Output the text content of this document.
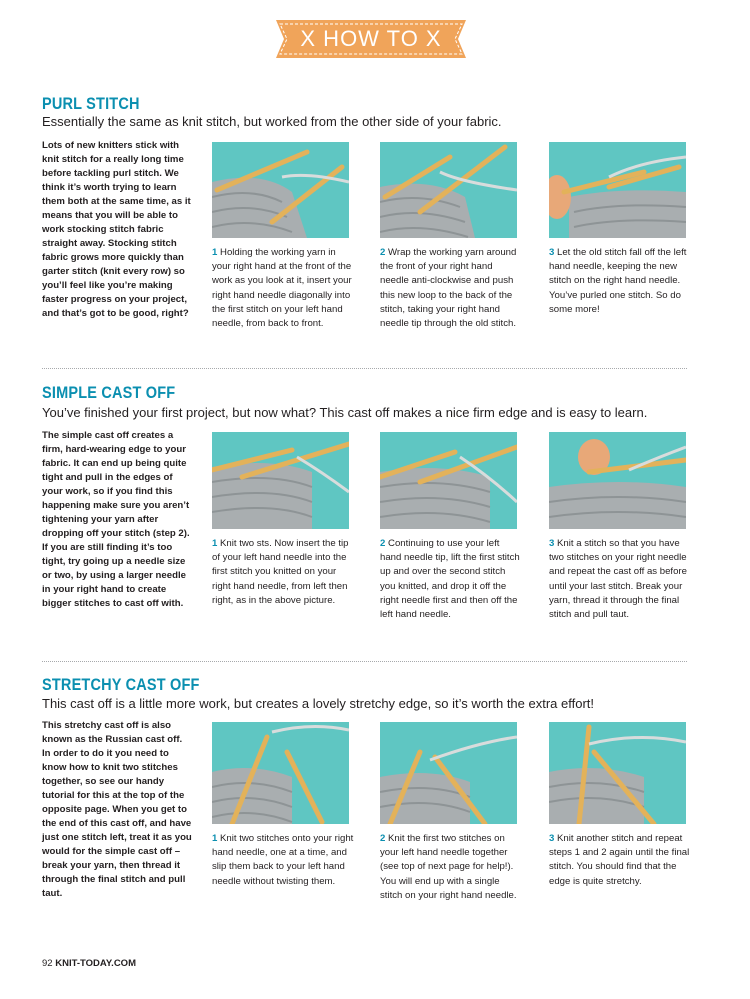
X HOW TO X
PURL STITCH
Essentially the same as knit stitch, but worked from the other side of your fabric.
Lots of new knitters stick with knit stitch for a really long time before tackling purl stitch. We think it’s worth trying to learn them both at the same time, as it means that you will be able to work stocking stitch fabric straight away. Stocking stitch fabric grows more quickly than garter stitch (knit every row) so you’ll feel like you’re making faster progress on your project, and that’s got to be good, right?
1 Holding the working yarn in your right hand at the front of the work as you look at it, insert your right hand needle diagonally into the first stitch on your left hand needle, from back to front.
2 Wrap the working yarn around the front of your right hand needle anti-clockwise and push this new loop to the back of the stitch, taking your right hand needle tip through the old stitch.
3 Let the old stitch fall off the left hand needle, keeping the new stitch on the right hand needle. You’ve purled one stitch. So do some more!
SIMPLE CAST OFF
You’ve finished your first project, but now what? This cast off makes a nice firm edge and is easy to learn.
The simple cast off creates a firm, hard-wearing edge to your fabric. It can end up being quite tight and pull in the edges of your work, so if you find this happening make sure you aren’t tightening your yarn after dropping off your stitch (step 2). If you are still finding it’s too tight, try going up a needle size or two, by using a larger needle in your right hand to create bigger stitches to cast off with.
1 Knit two sts. Now insert the tip of your left hand needle into the first stitch you knitted on your right hand needle, from left then right, as in the above picture.
2 Continuing to use your left hand needle tip, lift the first stitch up and over the second stitch you knitted, and drop it off the right needle first and then off the left hand needle.
3 Knit a stitch so that you have two stitches on your right needle and repeat the cast off as before until your last stitch. Break your yarn, thread it through the final stitch and pull taut.
STRETCHY CAST OFF
This cast off is a little more work, but creates a lovely stretchy edge, so it’s worth the extra effort!
This stretchy cast off is also known as the Russian cast off. In order to do it you need to know how to knit two stitches together, so see our handy tutorial for this at the top of the opposite page. When you get to the end of this cast off, and have just one stitch left, treat it as you would for the simple cast off – break your yarn, then thread it through the final stitch and pull taut.
1 Knit two stitches onto your right hand needle, one at a time, and slip them back to your left hand needle without twisting them.
2 Knit the first two stitches on your left hand needle together (see top of next page for help!). You will end up with a single stitch on your right hand needle.
3 Knit another stitch and repeat steps 1 and 2 again until the final stitch. You should find that the edge is quite stretchy.
92 KNIT-TODAY.COM
